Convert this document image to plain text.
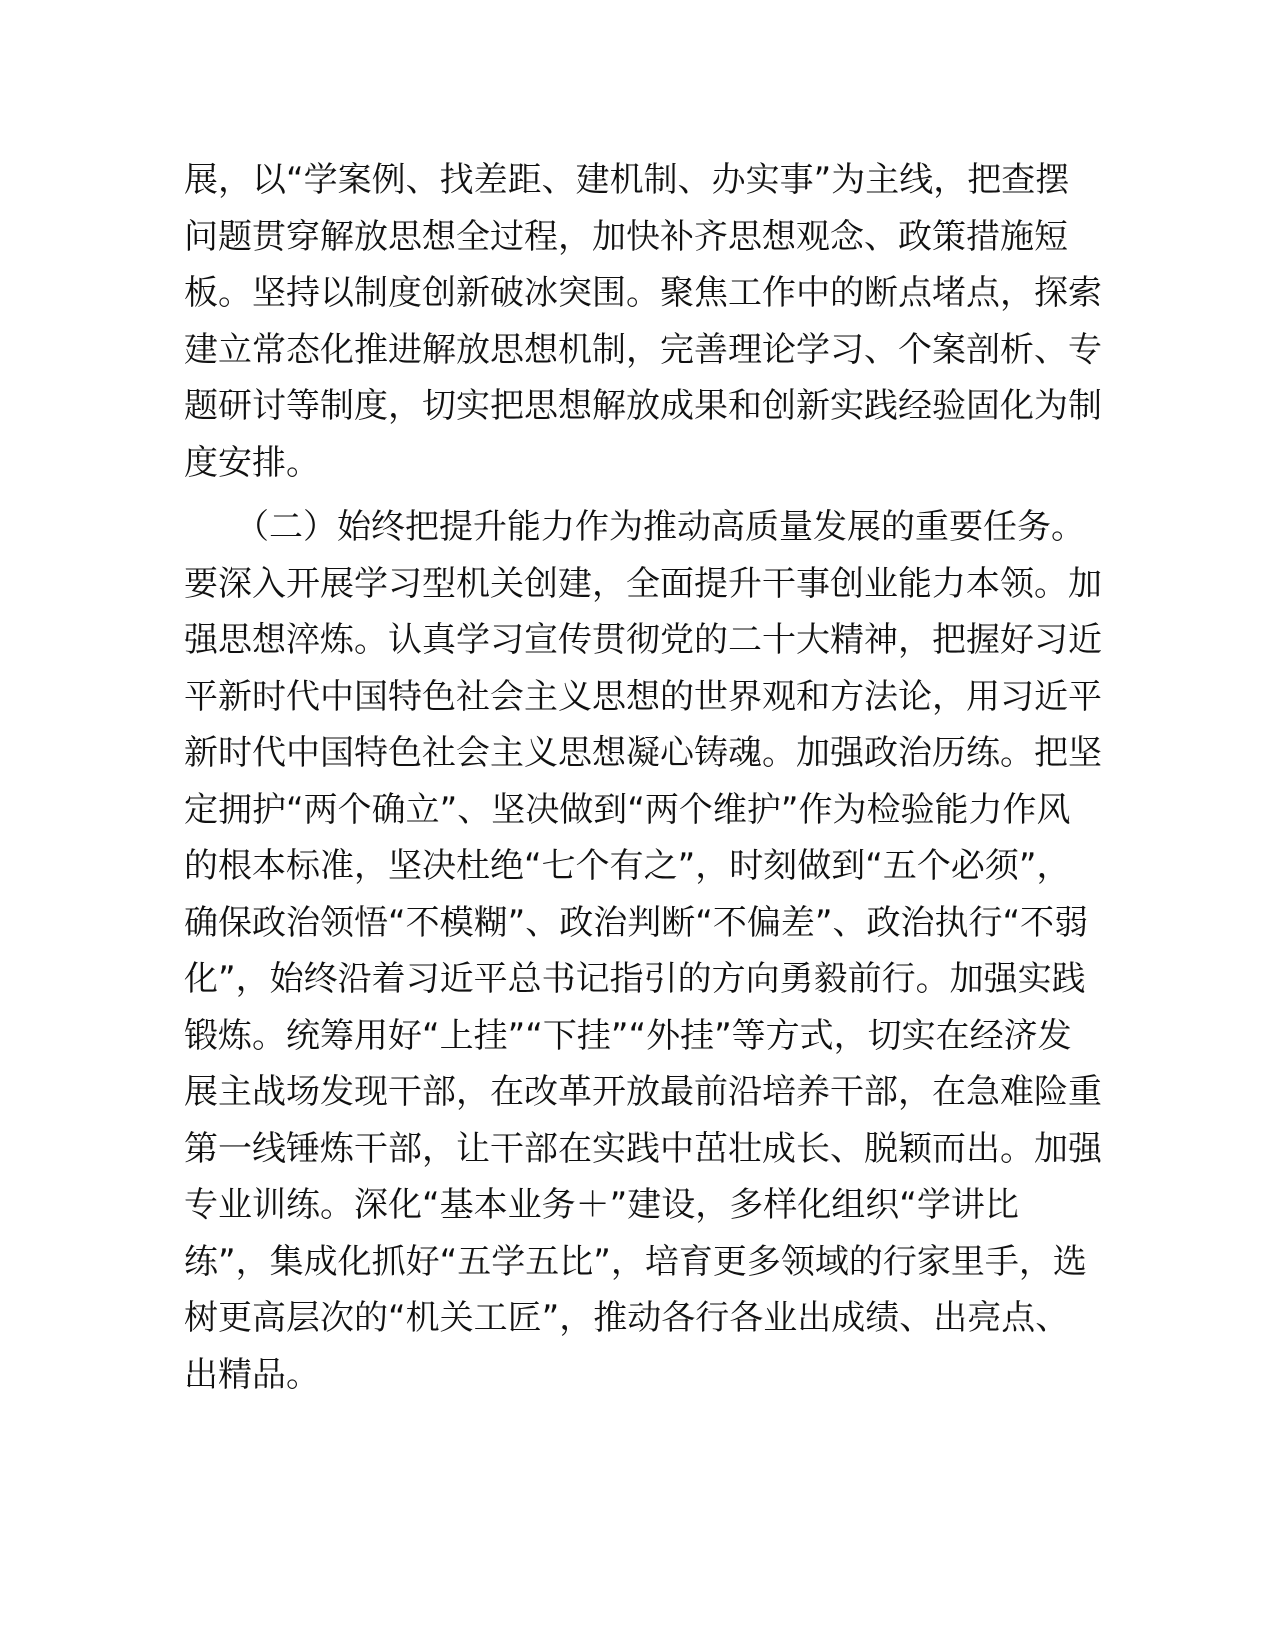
展，以“学案例、找差距、建机制、办实事”为主线，把查摆
问题贯穿解放思想全过程，加快补齐思想观念、政策措施短
板。坚持以制度创新破冰突围。聚焦工作中的断点堵点，探索
建立常态化推进解放思想机制，完善理论学习、个案剖析、专
题研讨等制度，切实把思想解放成果和创新实践经验固化为制
度安排。
　　（二）始终把提升能力作为推动高质量发展的重要任务。
要深入开展学习型机关创建，全面提升干事创业能力本领。加
强思想淬炼。认真学习宣传贯彻党的二十大精神，把握好习近
平新时代中国特色社会主义思想的世界观和方法论，用习近平
新时代中国特色社会主义思想凝心铸魂。加强政治历练。把坚
定拥护“两个确立”、坚决做到“两个维护”作为检验能力作风
的根本标准，坚决杜绝“七个有之”，时刻做到“五个必须”，
确保政治领悟“不模糊”、政治判断“不偏差”、政治执行“不弱
化”，始终沿着习近平总书记指引的方向勇毅前行。加强实践
锻炼。统筹用好“上挂”“下挂”“外挂”等方式，切实在经济发
展主战场发现干部，在改革开放最前沿培养干部，在急难险重
第一线锤炼干部，让干部在实践中茁壮成长、脱颖而出。加强
专业训练。深化“基本业务＋”建设，多样化组织“学讲比
练”，集成化抓好“五学五比”，培育更多领域的行家里手，选
树更高层次的“机关工匠”，推动各行各业出成绩、出亮点、
出精品。
